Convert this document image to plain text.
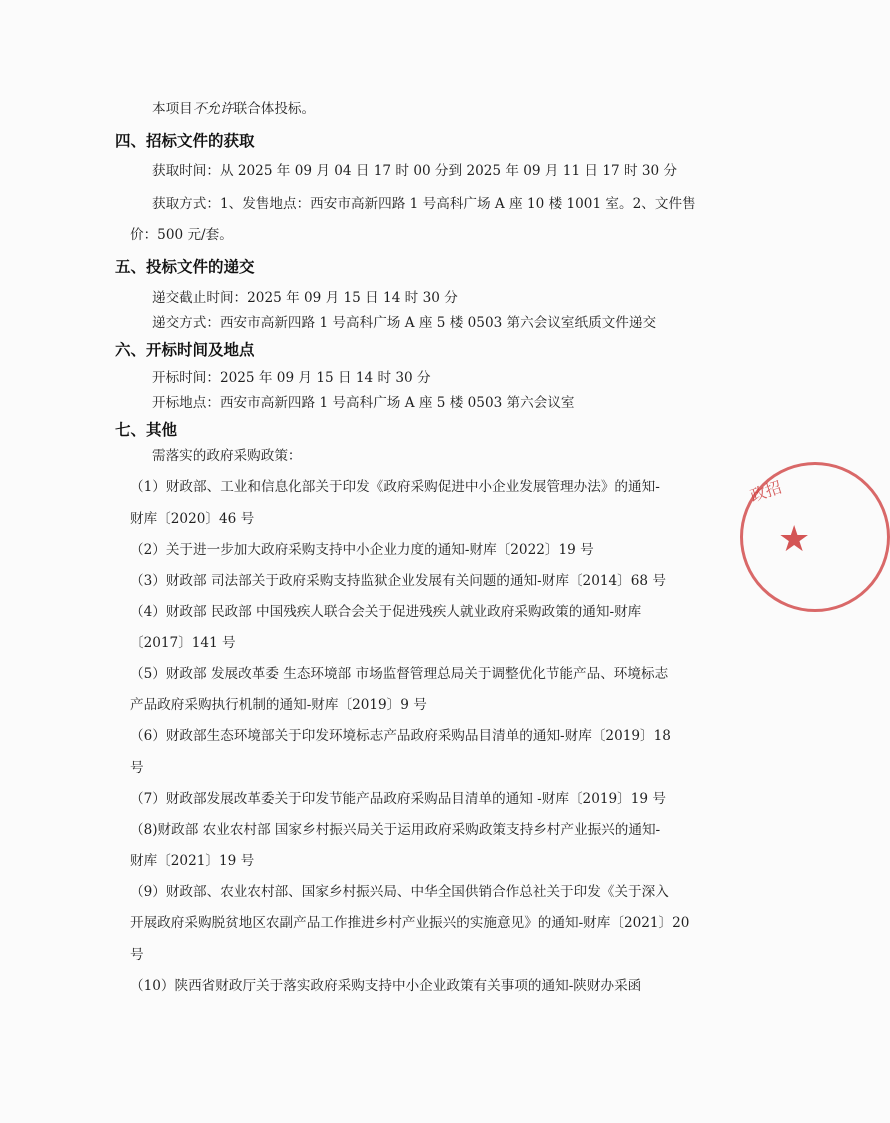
本项目不允许联合体投标。
四、招标文件的获取
获取时间：从 2025 年 09 月 04 日 17 时 00 分到 2025 年 09 月 11 日 17 时 30 分
获取方式：1、发售地点：西安市高新四路 1 号高科广场 A 座 10 楼 1001 室。2、文件售
价：500 元/套。
五、投标文件的递交
递交截止时间：2025 年 09 月 15 日 14 时 30 分
递交方式：西安市高新四路 1 号高科广场 A 座 5 楼 0503 第六会议室纸质文件递交
六、开标时间及地点
开标时间：2025 年 09 月 15 日 14 时 30 分
开标地点：西安市高新四路 1 号高科广场 A 座 5 楼 0503 第六会议室
七、其他
需落实的政府采购政策：
（1）财政部、工业和信息化部关于印发《政府采购促进中小企业发展管理办法》的通知-
财库〔2020〕46 号
（2）关于进一步加大政府采购支持中小企业力度的通知-财库〔2022〕19 号
（3）财政部 司法部关于政府采购支持监狱企业发展有关问题的通知-财库〔2014〕68 号
（4）财政部 民政部 中国残疾人联合会关于促进残疾人就业政府采购政策的通知-财库
〔2017〕141 号
（5）财政部 发展改革委 生态环境部 市场监督管理总局关于调整优化节能产品、环境标志
产品政府采购执行机制的通知-财库〔2019〕9 号
（6）财政部生态环境部关于印发环境标志产品政府采购品目清单的通知-财库〔2019〕18
号
（7）财政部发展改革委关于印发节能产品政府采购品目清单的通知 -财库〔2019〕19 号
（8)财政部 农业农村部 国家乡村振兴局关于运用政府采购政策支持乡村产业振兴的通知-
财库〔2021〕19 号
（9）财政部、农业农村部、国家乡村振兴局、中华全国供销合作总社关于印发《关于深入
开展政府采购脱贫地区农副产品工作推进乡村产业振兴的实施意见》的通知-财库〔2021〕20
号
（10）陕西省财政厅关于落实政府采购支持中小企业政策有关事项的通知-陕财办采函
政招
★
